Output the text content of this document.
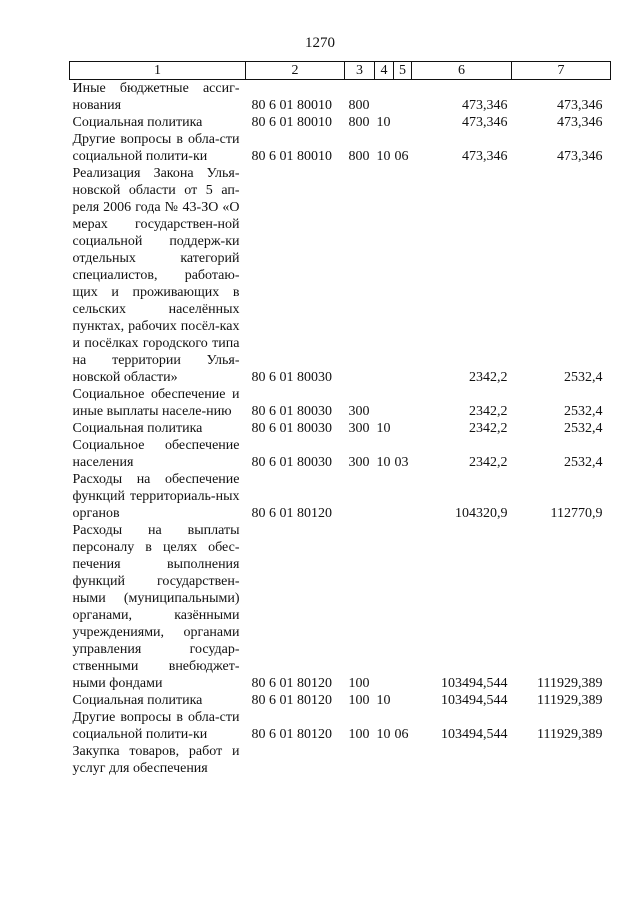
1270
1	2	3	4	5	6	7
Иные бюджетные ассиг-нования	80 6 01 80010	800			473,346	473,346
Социальная политика	80 6 01 80010	800	10		473,346	473,346
Другие вопросы в обла-сти социальной полити-ки	80 6 01 80010	800	10	06	473,346	473,346
Реализация Закона Улья-новской области от 5 ап-реля 2006 года № 43-ЗО «О мерах государствен-ной социальной поддерж-ки отдельных категорий специалистов, работаю-щих и проживающих в сельских населённых пунктах, рабочих посёл-ках и посёлках городского типа на территории Улья-новской области»	80 6 01 80030				2342,2	2532,4
Социальное обеспечение и иные выплаты населе-нию	80 6 01 80030	300			2342,2	2532,4
Социальная политика	80 6 01 80030	300	10		2342,2	2532,4
Социальное обеспечение населения	80 6 01 80030	300	10	03	2342,2	2532,4
Расходы на обеспечение функций территориаль-ных органов	80 6 01 80120				104320,9	112770,9
Расходы на выплаты персоналу в целях обес-печения выполнения функций государствен-ными (муниципальными) органами, казёнными учреждениями, органами управления государ-ственными внебюджет-ными фондами	80 6 01 80120	100			103494,544	111929,389
Социальная политика	80 6 01 80120	100	10		103494,544	111929,389
Другие вопросы в обла-сти социальной полити-ки	80 6 01 80120	100	10	06	103494,544	111929,389
Закупка товаров, работ и услуг для обеспечения						
